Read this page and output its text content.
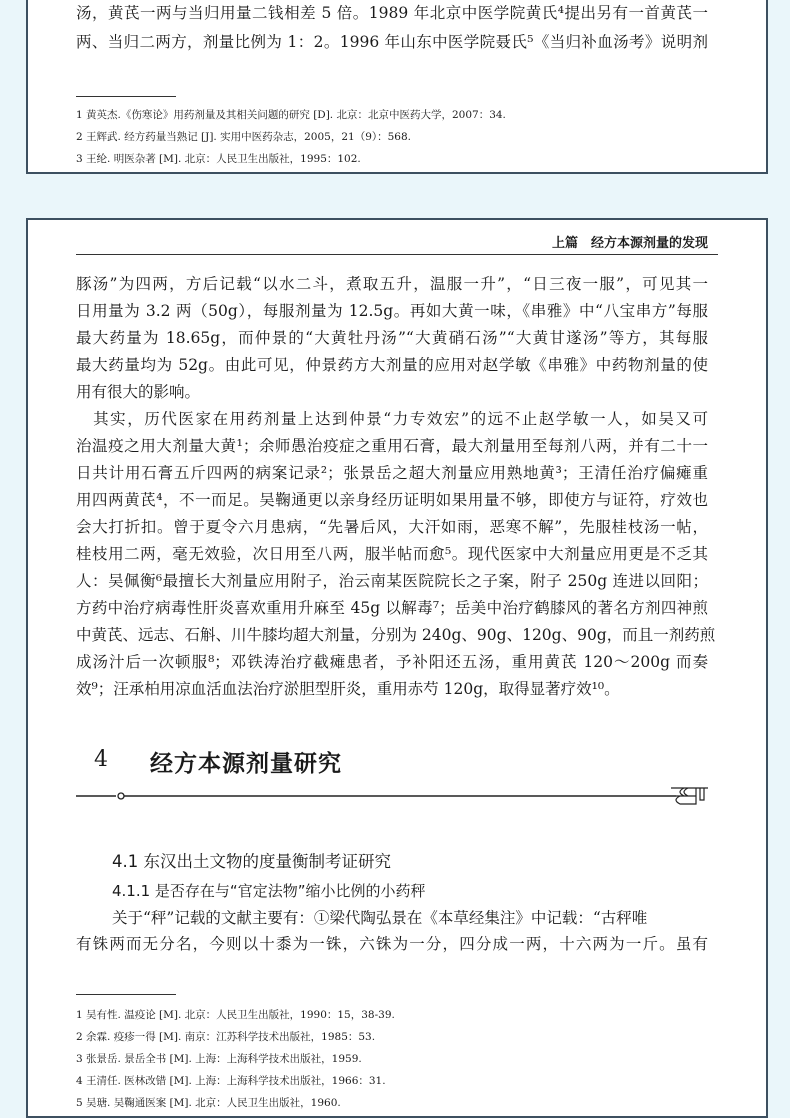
汤，黄芪一两与当归用量二钱相差 5 倍。1989 年北京中医学院黄氏⁴提出另有一首黄芪一
两、当归二两方，剂量比例为 1：2。1996 年山东中医学院聂氏⁵《当归补血汤考》说明剂
1 黄英杰.《伤寒论》用药剂量及其相关问题的研究 [D]. 北京：北京中医药大学，2007：34.
2 王辉武. 经方药量当熟记 [J]. 实用中医药杂志，2005，21（9）：568.
3 王纶. 明医杂著 [M]. 北京：人民卫生出版社，1995：102.
上篇　经方本源剂量的发现
豚汤”为四两，方后记载“以水二斗，煮取五升，温服一升”，“日三夜一服”，可见其一
日用量为 3.2 两（50g），每服剂量为 12.5g。再如大黄一味，《串雅》中“八宝串方”每服
最大药量为 18.65g，而仲景的“大黄牡丹汤”“大黄硝石汤”“大黄甘遂汤”等方，其每服
最大药量均为 52g。由此可见，仲景药方大剂量的应用对赵学敏《串雅》中药物剂量的使
用有很大的影响。
　其实，历代医家在用药剂量上达到仲景“力专效宏”的远不止赵学敏一人，如吴又可
治温疫之用大剂量大黄¹；余师愚治疫症之重用石膏，最大剂量用至每剂八两，并有二十一
日共计用石膏五斤四两的病案记录²；张景岳之超大剂量应用熟地黄³；王清任治疗偏瘫重
用四两黄芪⁴，不一而足。吴鞠通更以亲身经历证明如果用量不够，即使方与证符，疗效也
会大打折扣。曾于夏令六月患病，“先暑后风，大汗如雨，恶寒不解”，先服桂枝汤一帖，
桂枝用二两，毫无效验，次日用至八两，服半帖而愈⁵。现代医家中大剂量应用更是不乏其
人：吴佩衡⁶最擅长大剂量应用附子，治云南某医院院长之子案，附子 250g 连进以回阳；
方药中治疗病毒性肝炎喜欢重用升麻至 45g 以解毒⁷；岳美中治疗鹤膝风的著名方剂四神煎
中黄芪、远志、石斛、川牛膝均超大剂量，分别为 240g、90g、120g、90g，而且一剂药煎
成汤汁后一次顿服⁸；邓铁涛治疗截瘫患者，予补阳还五汤，重用黄芪 120～200g 而奏
效⁹；汪承柏用凉血活血法治疗淤胆型肝炎，重用赤芍 120g，取得显著疗效¹⁰。
4 经方本源剂量研究
4.1 东汉出土文物的度量衡制考证研究
4.1.1 是否存在与“官定法物”缩小比例的小药秤
关于“秤”记载的文献主要有：①梁代陶弘景在《本草经集注》中记载：“古秤唯
有铢两而无分名，今则以十黍为一铢，六铢为一分，四分成一两，十六两为一斤。虽有
1 吴有性. 温疫论 [M]. 北京：人民卫生出版社，1990：15，38-39.
2 余霖. 疫疹一得 [M]. 南京：江苏科学技术出版社，1985：53.
3 张景岳. 景岳全书 [M]. 上海：上海科学技术出版社，1959.
4 王清任. 医林改错 [M]. 上海：上海科学技术出版社，1966：31.
5 吴瑭. 吴鞠通医案 [M]. 北京：人民卫生出版社，1960.
